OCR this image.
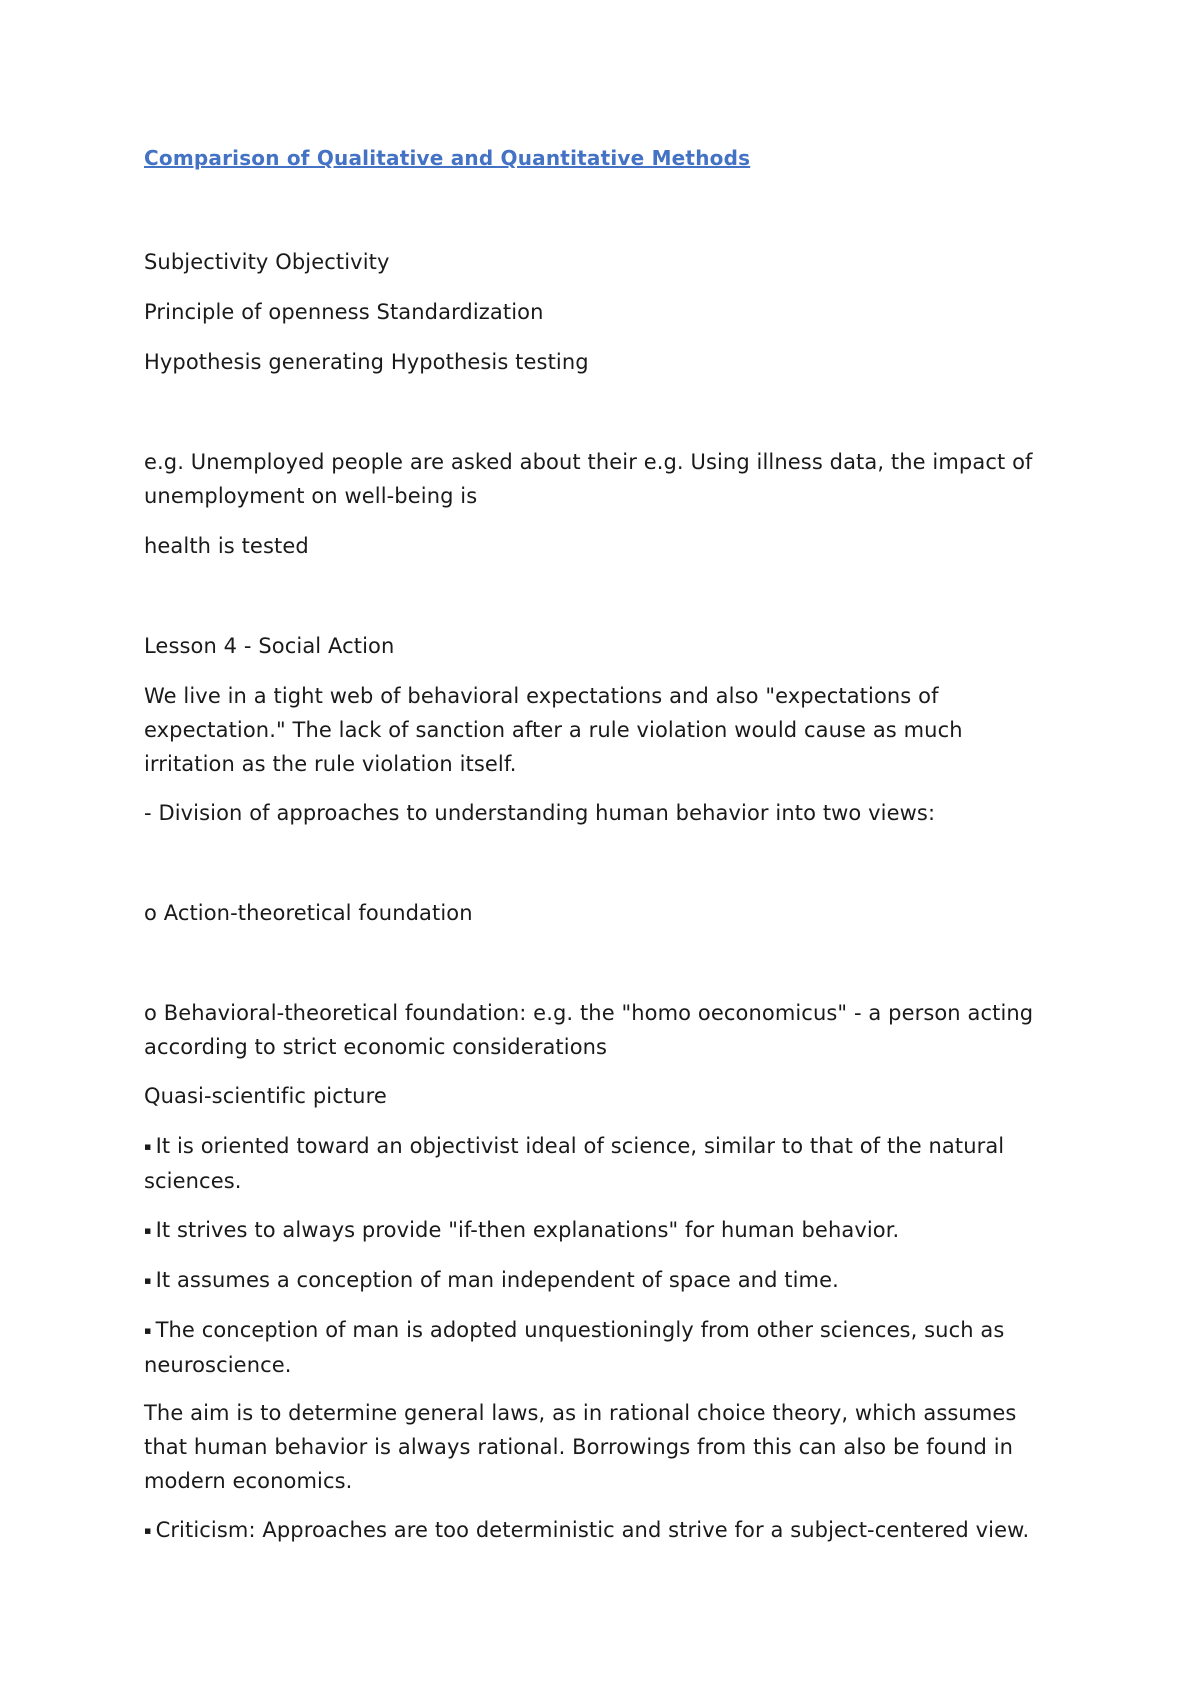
Comparison of Qualitative and Quantitative Methods

Subjectivity Objectivity

Principle of openness Standardization

Hypothesis generating Hypothesis testing

e.g. Unemployed people are asked about their e.g. Using illness data, the impact of unemployment on well-being is

health is tested

Lesson 4 - Social Action

We live in a tight web of behavioral expectations and also "expectations of expectation." The lack of sanction after a rule violation would cause as much irritation as the rule violation itself.

- Division of approaches to understanding human behavior into two views:

o Action-theoretical foundation

o Behavioral-theoretical foundation: e.g. the "homo oeconomicus" - a person acting according to strict economic considerations

Quasi-scientific picture

▪ It is oriented toward an objectivist ideal of science, similar to that of the natural sciences.

▪ It strives to always provide "if-then explanations" for human behavior.

▪ It assumes a conception of man independent of space and time.

▪ The conception of man is adopted unquestioningly from other sciences, such as neuroscience.

The aim is to determine general laws, as in rational choice theory, which assumes that human behavior is always rational. Borrowings from this can also be found in modern economics.

▪ Criticism: Approaches are too deterministic and strive for a subject-centered view.
